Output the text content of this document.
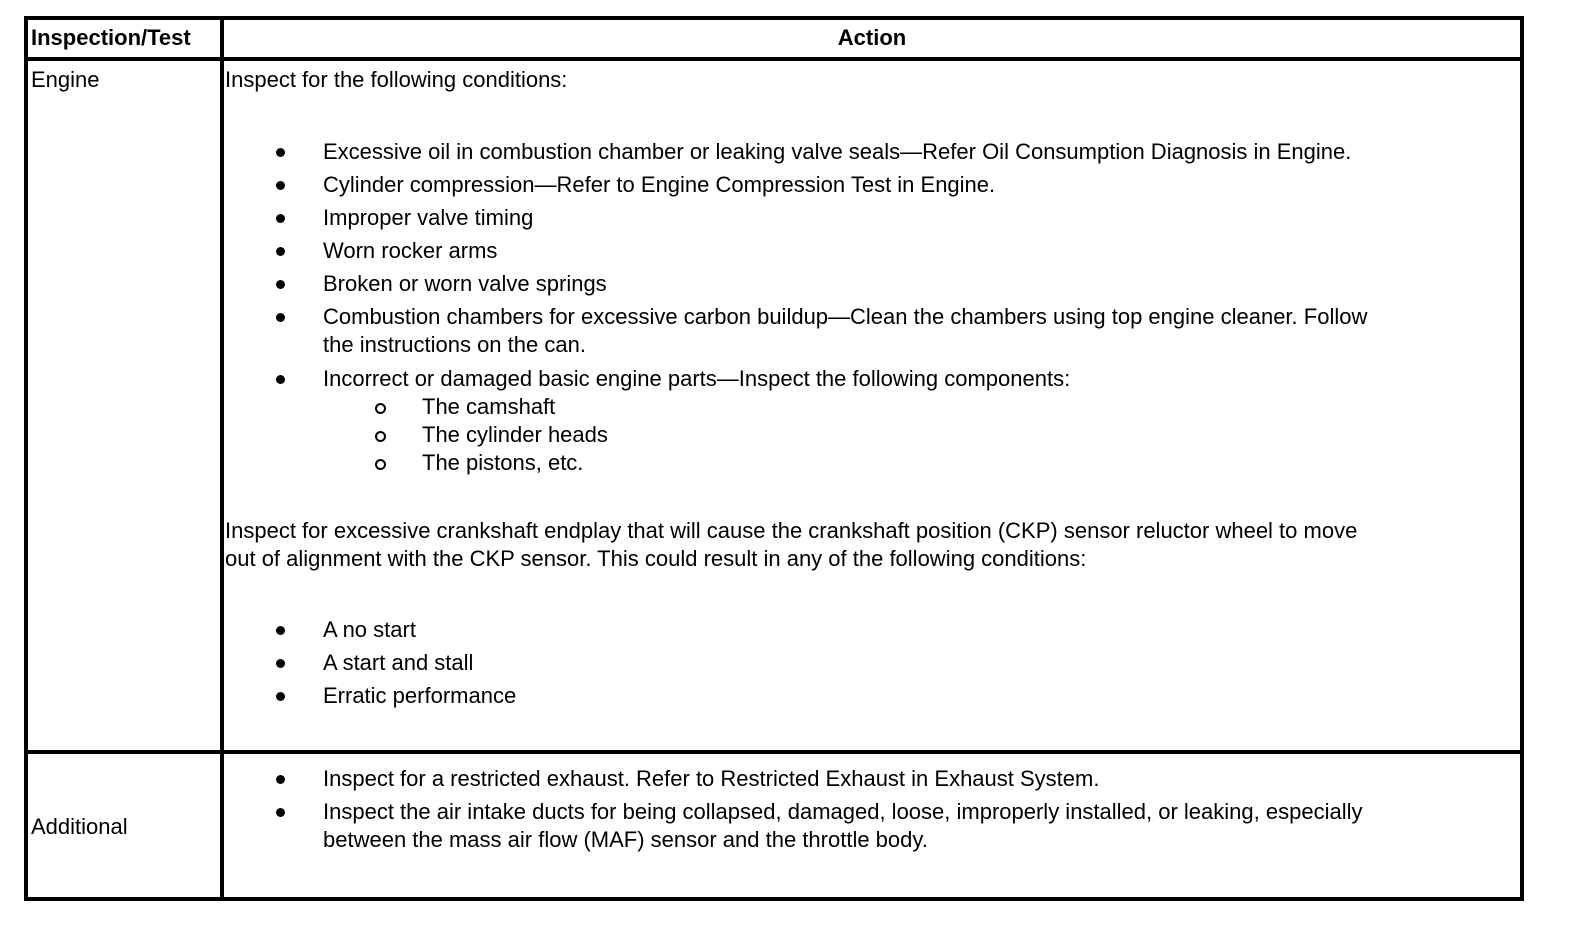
Inspection/Test	Action
Engine	Inspect for the following conditions:
Excessive oil in combustion chamber or leaking valve seals—Refer Oil Consumption Diagnosis in Engine.
Cylinder compression—Refer to Engine Compression Test in Engine.
Improper valve timing
Worn rocker arms
Broken or worn valve springs
Combustion chambers for excessive carbon buildup—Clean the chambers using top engine cleaner. Follow
the instructions on the can.
Incorrect or damaged basic engine parts—Inspect the following components:
The camshaft
The cylinder heads
The pistons, etc.
Inspect for excessive crankshaft endplay that will cause the crankshaft position (CKP) sensor reluctor wheel to move
out of alignment with the CKP sensor. This could result in any of the following conditions:
A no start
A start and stall
Erratic performance
Additional
Inspect for a restricted exhaust. Refer to Restricted Exhaust in Exhaust System.
Inspect the air intake ducts for being collapsed, damaged, loose, improperly installed, or leaking, especially
between the mass air flow (MAF) sensor and the throttle body.
